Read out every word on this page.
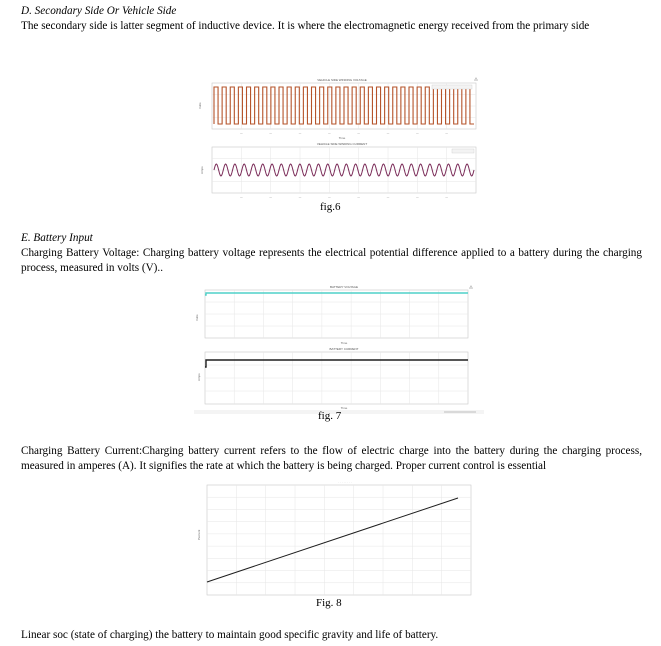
D. Secondary Side Or Vehicle Side
The secondary side is latter segment of inductive device. It is where the electromagnetic energy received from the primary side
VEHICLE SIDE WINDING VOLTAGE
Volts
—	—	—	—	—	—	—	—
Time
⁂
VEHICLE SIDE WINDING CURRENT
Amps
—	—	—	—	—	—	—	—
fig.6
E. Battery Input
Charging Battery Voltage: Charging battery voltage represents the electrical potential difference applied to a battery during the charging process, measured in volts (V)..
BATTERY VOLTAGE
Volts
⁂
Time
BATTERY CURRENT
Amps
Time
fig. 7
Charging Battery Current:Charging battery current refers to the flow of electric charge into the battery during the charging process, measured in amperes (A). It signifies the rate at which the battery is being charged. Proper current control is essential
· · · · · · · ·
Percent
Fig. 8
Linear soc (state of charging) the battery to maintain good specific gravity and life of battery.
